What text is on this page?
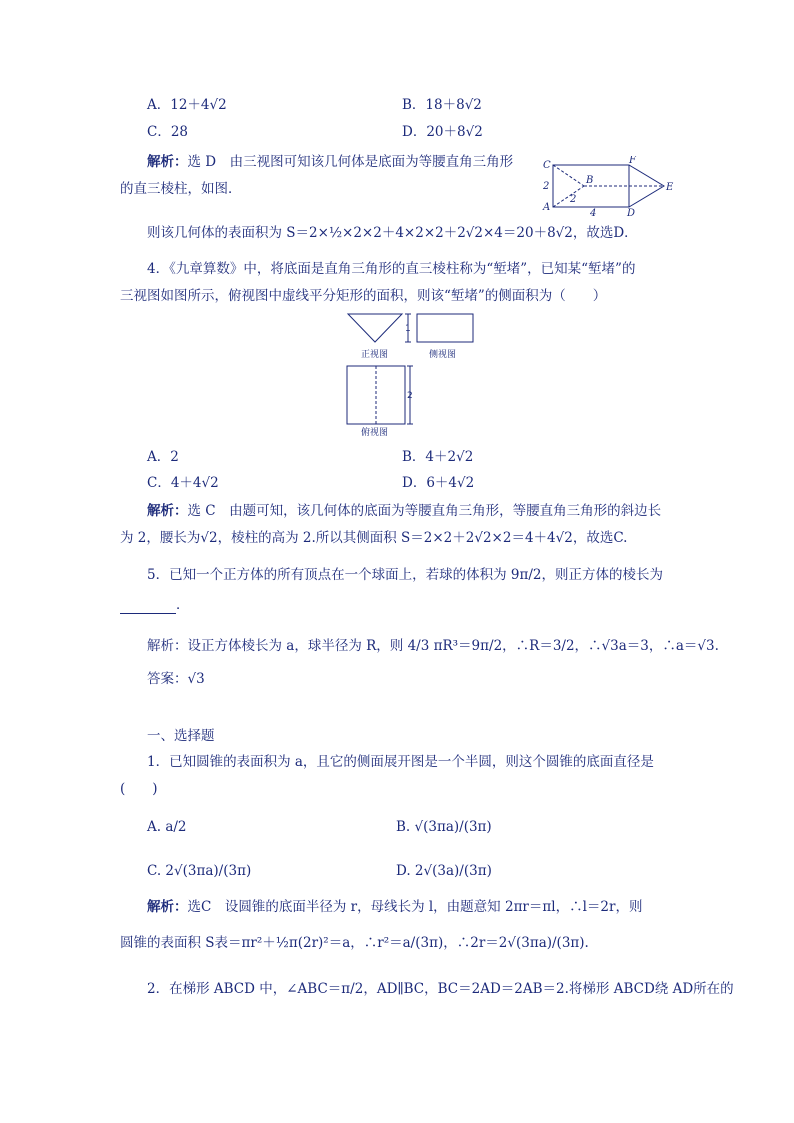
A．12＋4√2	B．18＋8√2
C．28	D．20＋8√2
解析：选 D　由三视图可知该几何体是底面为等腰直角三角形
的直三棱柱，如图．
C	F
B
2
2
A
4	D
E
则该几何体的表面积为 S＝2×½×2×2＋4×2×2＋2√2×4＝20＋8√2，故选D．
4．《九章算数》中，将底面是直角三角形的直三棱柱称为“堑堵”，已知某“堑堵”的
三视图如图所示，俯视图中虚线平分矩形的面积，则该“堑堵”的侧面积为（　　）
1
正视图	侧视图
2
俯视图
A．2	B．4＋2√2
C．4＋4√2	D．6＋4√2
解析：选 C　由题可知，该几何体的底面为等腰直角三角形，等腰直角三角形的斜边长
为 2，腰长为√2，棱柱的高为 2.所以其侧面积 S＝2×2＋2√2×2＝4＋4√2，故选C.
5．已知一个正方体的所有顶点在一个球面上，若球的体积为 9π/2，则正方体的棱长为
．
解析：设正方体棱长为 a，球半径为 R，则 4/3 πR³＝9π/2，∴R＝3/2，∴√3a＝3，∴a＝√3.
答案：√3
一、选择题
1．已知圆锥的表面积为 a，且它的侧面展开图是一个半圆，则这个圆锥的底面直径是
(　　)
A. a/2	B. √(3πa)/(3π)
C. 2√(3πa)/(3π)	D. 2√(3a)/(3π)
解析：选C　设圆锥的底面半径为 r，母线长为 l，由题意知 2πr＝πl，∴l＝2r，则
圆锥的表面积 S表＝πr²＋½π(2r)²＝a，∴r²＝a/(3π)，∴2r＝2√(3πa)/(3π).
2．在梯形 ABCD 中，∠ABC＝π/2，AD∥BC，BC＝2AD＝2AB＝2.将梯形 ABCD绕 AD所在的
